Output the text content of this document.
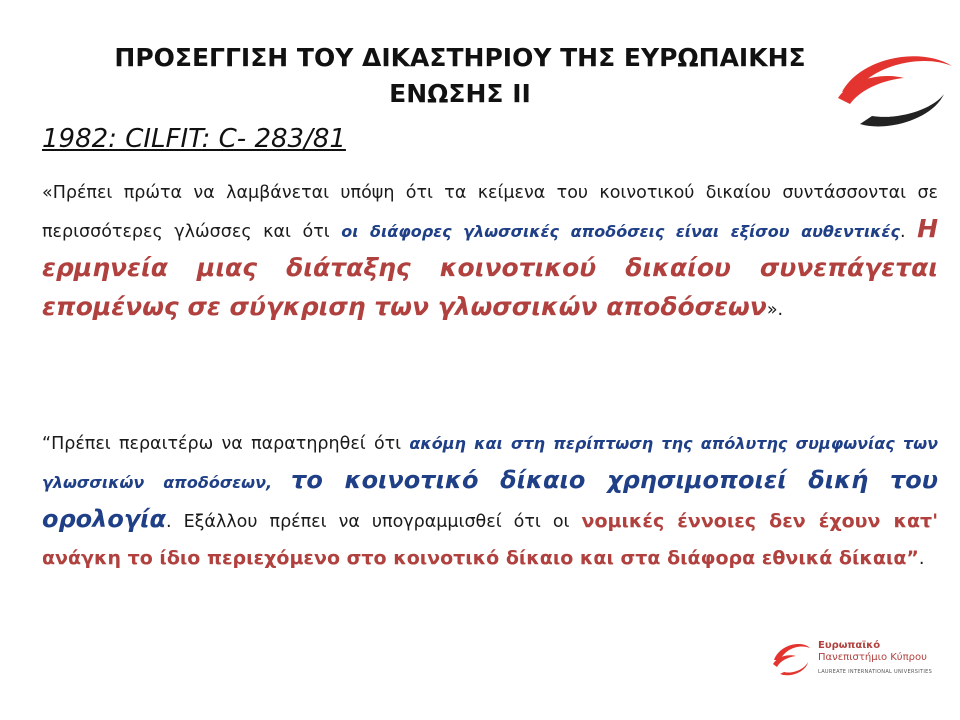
ΠΡΟΣΕΓΓΙΣΗ ΤΟΥ ΔΙΚΑΣΤΗΡΙΟΥ ΤΗΣ ΕΥΡΩΠΑΙΚΗΣ ΕΝΩΣΗΣ ΙΙ
1982: CILFIT: C- 283/81
«Πρέπει πρώτα να λαμβάνεται υπόψη ότι τα κείμενα του κοινοτικού δικαίου συντάσσονται σε περισσότερες γλώσσες και ότι οι διάφορες γλωσσικές αποδόσεις είναι εξίσου αυθεντικές. Η ερμηνεία μιας διάταξης κοινοτικού δικαίου συνεπάγεται επομένως σε σύγκριση των γλωσσικών αποδόσεων».
“Πρέπει περαιτέρω να παρατηρηθεί ότι ακόμη και στη περίπτωση της απόλυτης συμφωνίας των γλωσσικών αποδόσεων, το κοινοτικό δίκαιο χρησιμοποιεί δική του ορολογία. Εξάλλου πρέπει να υπογραμμισθεί ότι οι νομικές έννοιες δεν έχουν κατ' ανάγκη το ίδιο περιεχόμενο στο κοινοτικό δίκαιο και στα διάφορα εθνικά δίκαια”.
Ευρωπαϊκό
Πανεπιστήμιο Κύπρου
LAUREATE INTERNATIONAL UNIVERSITIES
